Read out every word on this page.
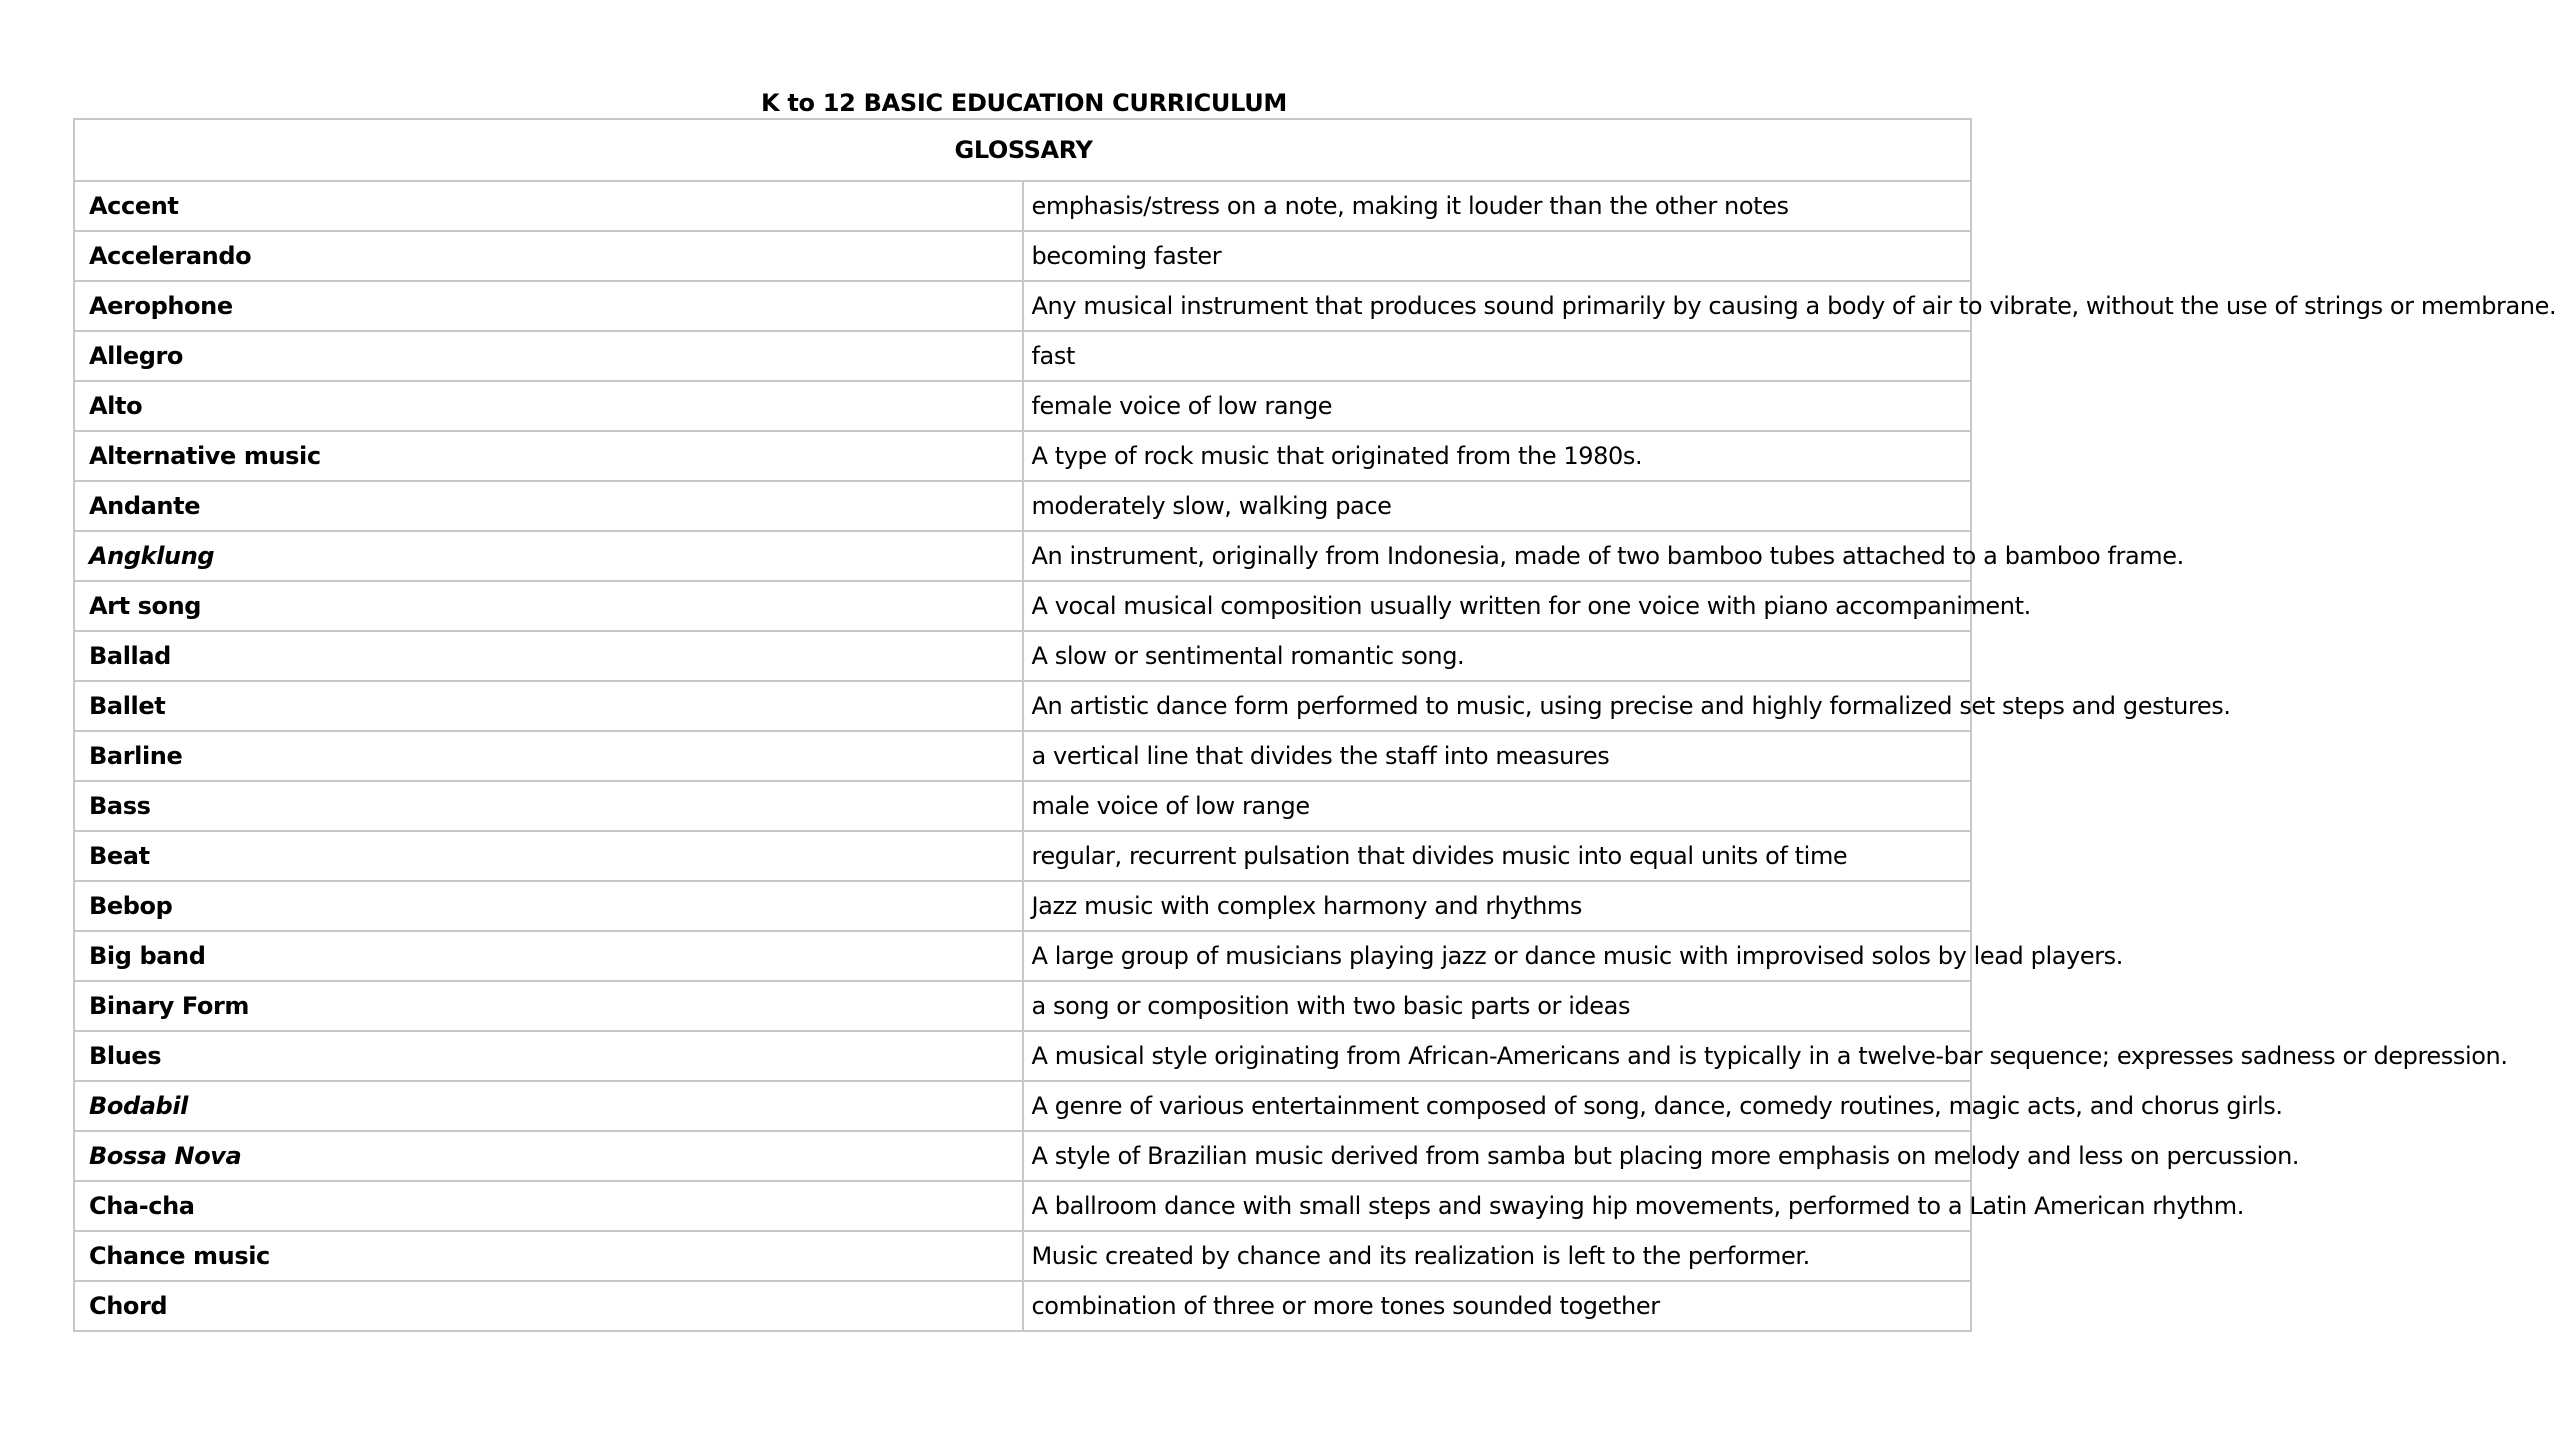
K to 12 BASIC EDUCATION CURRICULUM
GLOSSARY	
Accent	emphasis/stress on a note, making it louder than the other notes
Accelerando	becoming faster
Aerophone	Any musical instrument that produces sound primarily by causing a body of air to vibrate, without the use of strings or membrane.
Allegro	fast
Alto	female voice of low range
Alternative music	A type of rock music that originated from the 1980s.
Andante	moderately slow, walking pace
Angklung	An instrument, originally from Indonesia, made of two bamboo tubes attached to a bamboo frame.
Art song	A vocal musical composition usually written for one voice with piano accompaniment.
Ballad	A slow or sentimental romantic song.
Ballet	An artistic dance form performed to music, using precise and highly formalized set steps and gestures.
Barline	a vertical line that divides the staff into measures
Bass	male voice of low range
Beat	regular, recurrent pulsation that divides music into equal units of time
Bebop	Jazz music with complex harmony and rhythms
Big band	A large group of musicians playing jazz or dance music with improvised solos by lead players.
Binary Form	a song or composition with two basic parts or ideas
Blues	A musical style originating from African-Americans and is typically in a twelve-bar sequence; expresses sadness or depression.
Bodabil	A genre of various entertainment composed of song, dance, comedy routines, magic acts, and chorus girls.
Bossa Nova	A style of Brazilian music derived from samba but placing more emphasis on melody and less on percussion.
Cha-cha	A ballroom dance with small steps and swaying hip movements, performed to a Latin American rhythm.
Chance music	Music created by chance and its realization is left to the performer.
Chord	combination of three or more tones sounded together
